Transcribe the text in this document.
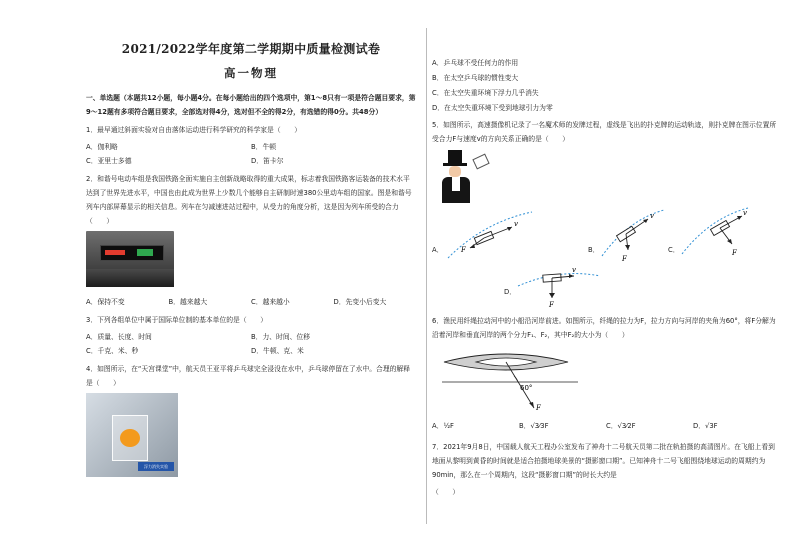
2021/2022学年度第二学期期中质量检测试卷
高一物理
一、单选题（本题共12小题，每小题4分。在每小题给出的四个选项中，第1～8只有一项是符合题目要求，第9～12题有多项符合题目要求，全部选对得4分，选对但不全的得2分，有选错的得0分。共48分）
1．最早通过斜面实验对自由落体运动进行科学研究的科学家是（　　）
A．伽利略	B．牛顿
C．亚里士多德	D．笛卡尔
2．和谐号电动车组是我国铁路全面实施自主创新战略取得的重大成果，标志着我国铁路客运装备的技术水平达到了世界先进水平，中国也由此成为世界上少数几个能够自主研制时速380公里动车组的国家。图是和谐号列车内部屏幕显示的相关信息。列车在匀减速进站过程中，从受力的角度分析，这是因为列车所受的合力（　　）
A．保持不变	B．越来越大	C．越来越小	D．先变小后变大
3．下列各组单位中属于国际单位制的基本单位的是（　　）
A．质量、长度、时间	B．力、时间、位移
C．千克、米、秒	D．牛顿、克、米
4．如图所示，在“天宫课堂”中，航天员王亚平将乒乓球完全浸没在水中，乒乓球停留在了水中。合理的解释是（　　）
浮力消失实验
A．乒乓球不受任何力的作用
B．在太空乒乓球的惯性变大
C．在太空失重环境下浮力几乎消失
D．在太空失重环境下受到地球引力为零
5．如图所示，高速摄像机记录了一名魔术师的发牌过程，虚线是飞出的扑克牌的运动轨迹，则扑克牌在图示位置所受合力F与速度v的方向关系正确的是（　　）
A．
v
F	B．
v
F
C．
v
F
D．
v
F
6．渔民用纤绳拉动河中的小船沿河岸前进。如图所示，纤绳的拉力为F，拉力方向与河岸的夹角为60°，将F分解为沿着河岸和垂直河岸的两个分力F₁、F₂，其中F₂的大小为（　　）
60°
F
A．½F	B．√3⁄3F	C．√3⁄2F	D．√3F
7．2021年9月8日，中国载人航天工程办公室发布了神舟十二号航天员第二批在轨拍摄的高清图片。在飞船上看到地面从黎明到黄昏的时间就是适合拍摄地球美景的“摄影窗口期”。已知神舟十二号飞船围绕地球运动的周期约为90min，那么在一个周期内，这段“摄影窗口期”的时长大约是
（　　）
